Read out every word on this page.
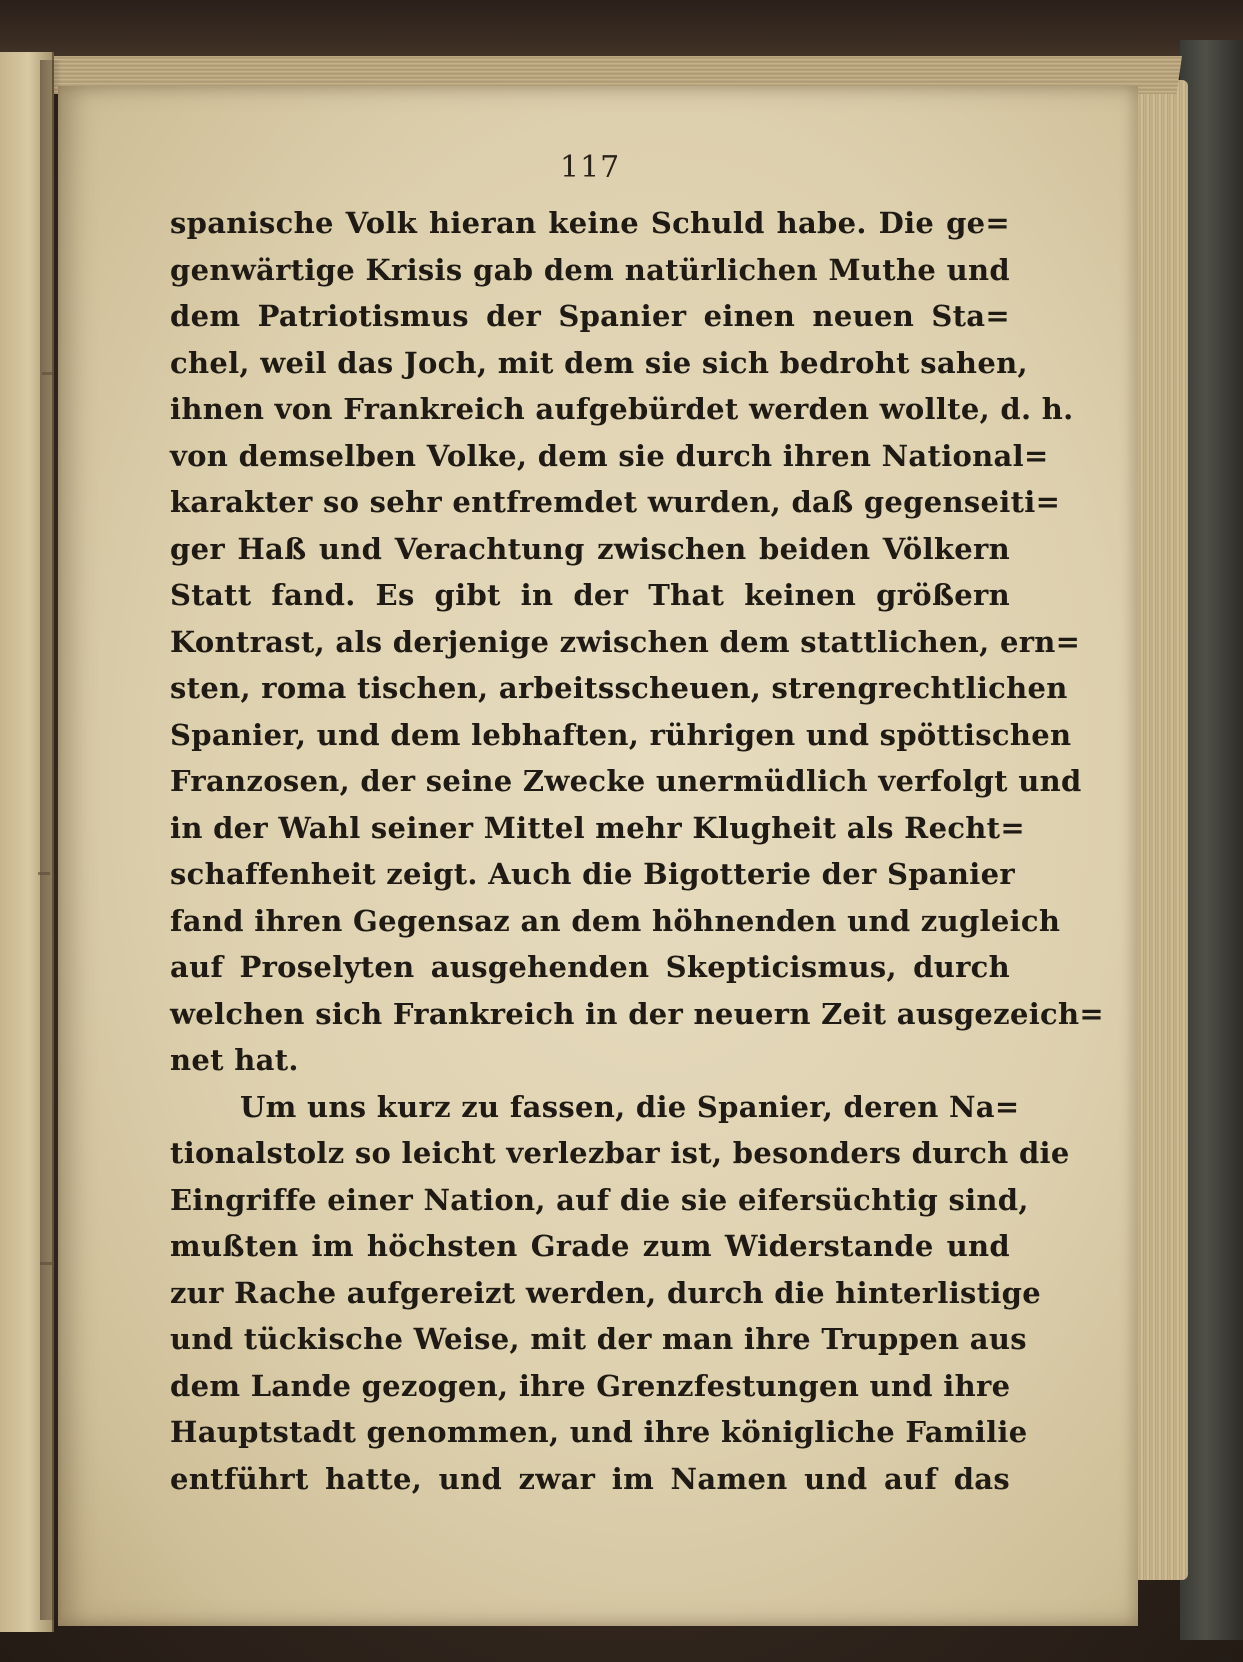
117
spanische Volk hieran keine Schuld habe. Die ge=
genwärtige Krisis gab dem natürlichen Muthe und
dem Patriotismus der Spanier einen neuen Sta=
chel, weil das Joch, mit dem sie sich bedroht sahen,
ihnen von Frankreich aufgebürdet werden wollte, d. h.
von demselben Volke, dem sie durch ihren National=
karakter so sehr entfremdet wurden, daß gegenseiti=
ger Haß und Verachtung zwischen beiden Völkern
Statt fand. Es gibt in der That keinen größern
Kontrast, als derjenige zwischen dem stattlichen, ern=
sten, roma tischen, arbeitsscheuen, strengrechtlichen
Spanier, und dem lebhaften, rührigen und spöttischen
Franzosen, der seine Zwecke unermüdlich verfolgt und
in der Wahl seiner Mittel mehr Klugheit als Recht=
schaffenheit zeigt. Auch die Bigotterie der Spanier
fand ihren Gegensaz an dem höhnenden und zugleich
auf Proselyten ausgehenden Skepticismus, durch
welchen sich Frankreich in der neuern Zeit ausgezeich=
net hat.
Um uns kurz zu fassen, die Spanier, deren Na=
tionalstolz so leicht verlezbar ist, besonders durch die
Eingriffe einer Nation, auf die sie eifersüchtig sind,
mußten im höchsten Grade zum Widerstande und
zur Rache aufgereizt werden, durch die hinterlistige
und tückische Weise, mit der man ihre Truppen aus
dem Lande gezogen, ihre Grenzfestungen und ihre
Hauptstadt genommen, und ihre königliche Familie
entführt hatte, und zwar im Namen und auf das
